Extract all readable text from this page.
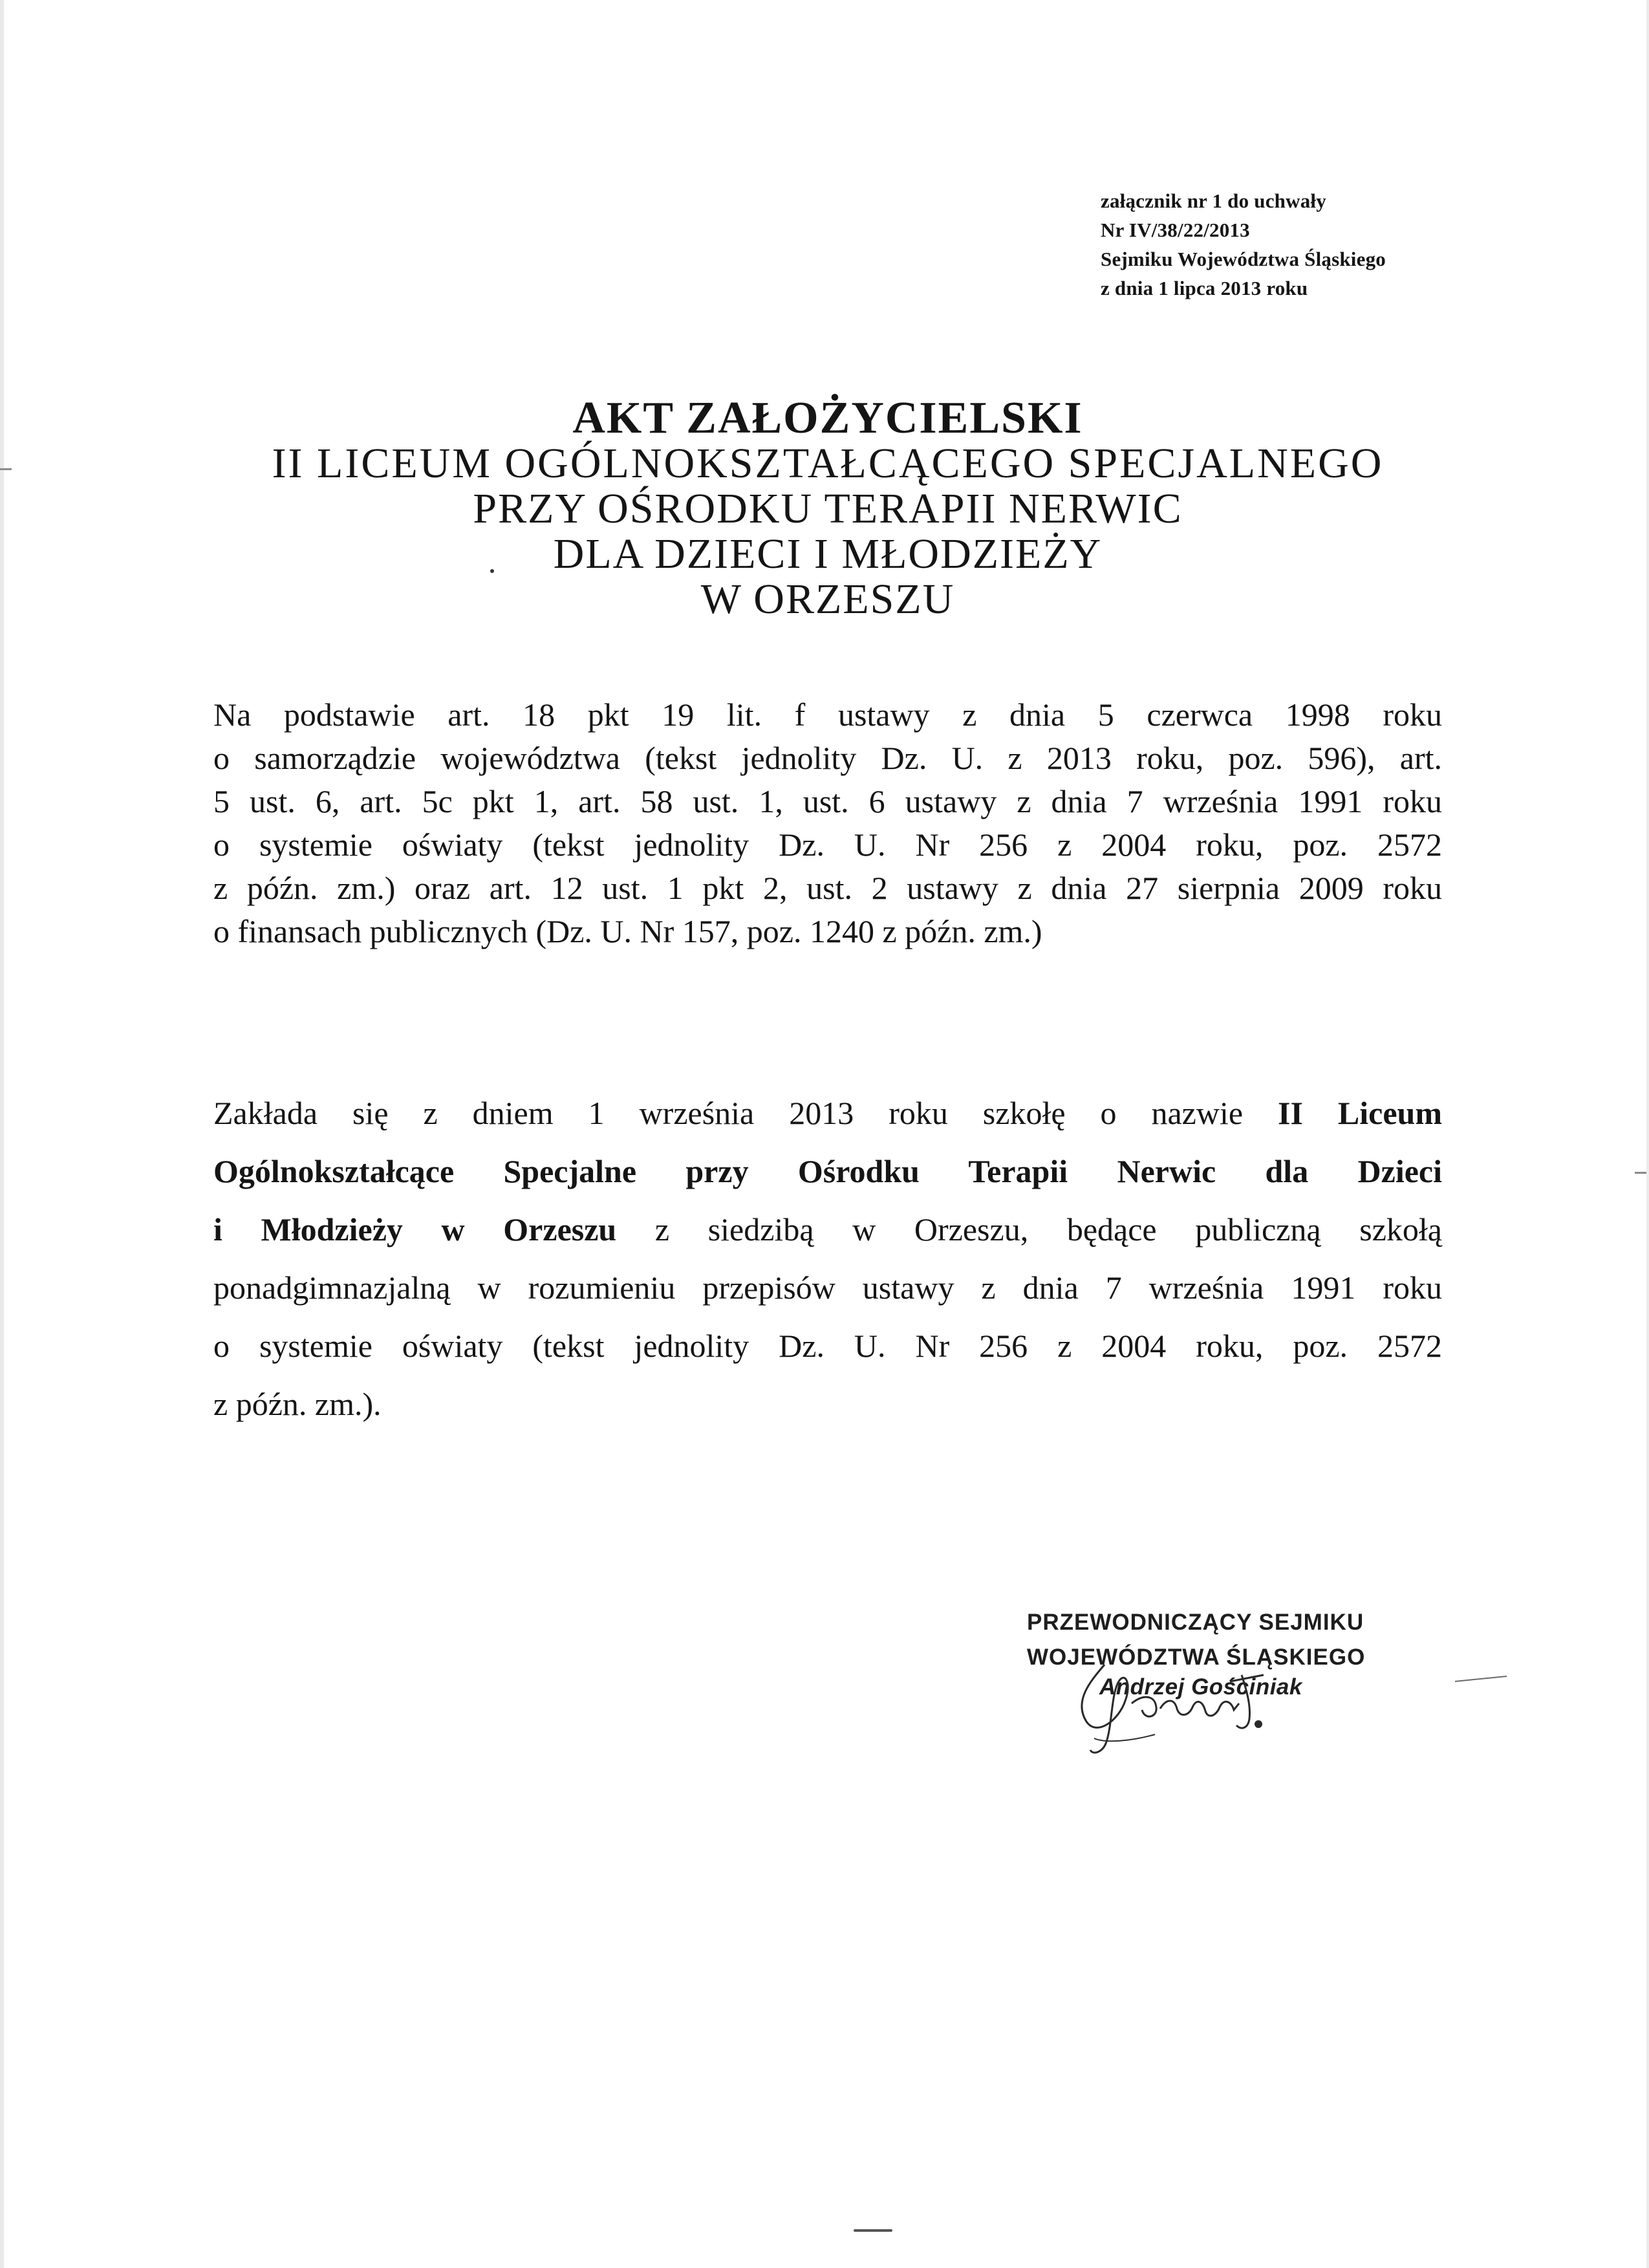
załącznik nr 1 do uchwały
Nr IV/38/22/2013
Sejmiku Województwa Śląskiego
z dnia 1 lipca 2013 roku
AKT ZAŁOŻYCIELSKI
II LICEUM OGÓLNOKSZTAŁCĄCEGO SPECJALNEGO
PRZY OŚRODKU TERAPII NERWIC
DLA DZIECI I MŁODZIEŻY
W ORZESZU
Na podstawie art. 18 pkt 19 lit. f ustawy z dnia 5 czerwca 1998 roku
o samorządzie województwa (tekst jednolity Dz. U. z 2013 roku, poz. 596), art.
5 ust. 6, art. 5c pkt 1, art. 58 ust. 1, ust. 6 ustawy z dnia 7 września 1991 roku
o systemie oświaty (tekst jednolity Dz. U. Nr 256 z 2004 roku, poz. 2572
z późn. zm.) oraz art. 12 ust. 1 pkt 2, ust. 2 ustawy z dnia 27 sierpnia 2009 roku
o finansach publicznych (Dz. U. Nr 157, poz. 1240 z późn. zm.)
Zakłada się z dniem 1 września 2013 roku szkołę o nazwie II Liceum
Ogólnokształcące Specjalne przy Ośrodku Terapii Nerwic dla Dzieci
i Młodzieży w Orzeszu z siedzibą w Orzeszu, będące publiczną szkołą
ponadgimnazjalną w rozumieniu przepisów ustawy z dnia 7 września 1991 roku
o systemie oświaty (tekst jednolity Dz. U. Nr 256 z 2004 roku, poz. 2572
z późn. zm.).
PRZEWODNICZĄCY SEJMIKU
WOJEWÓDZTWA ŚLĄSKIEGO
Andrzej Gościniak
